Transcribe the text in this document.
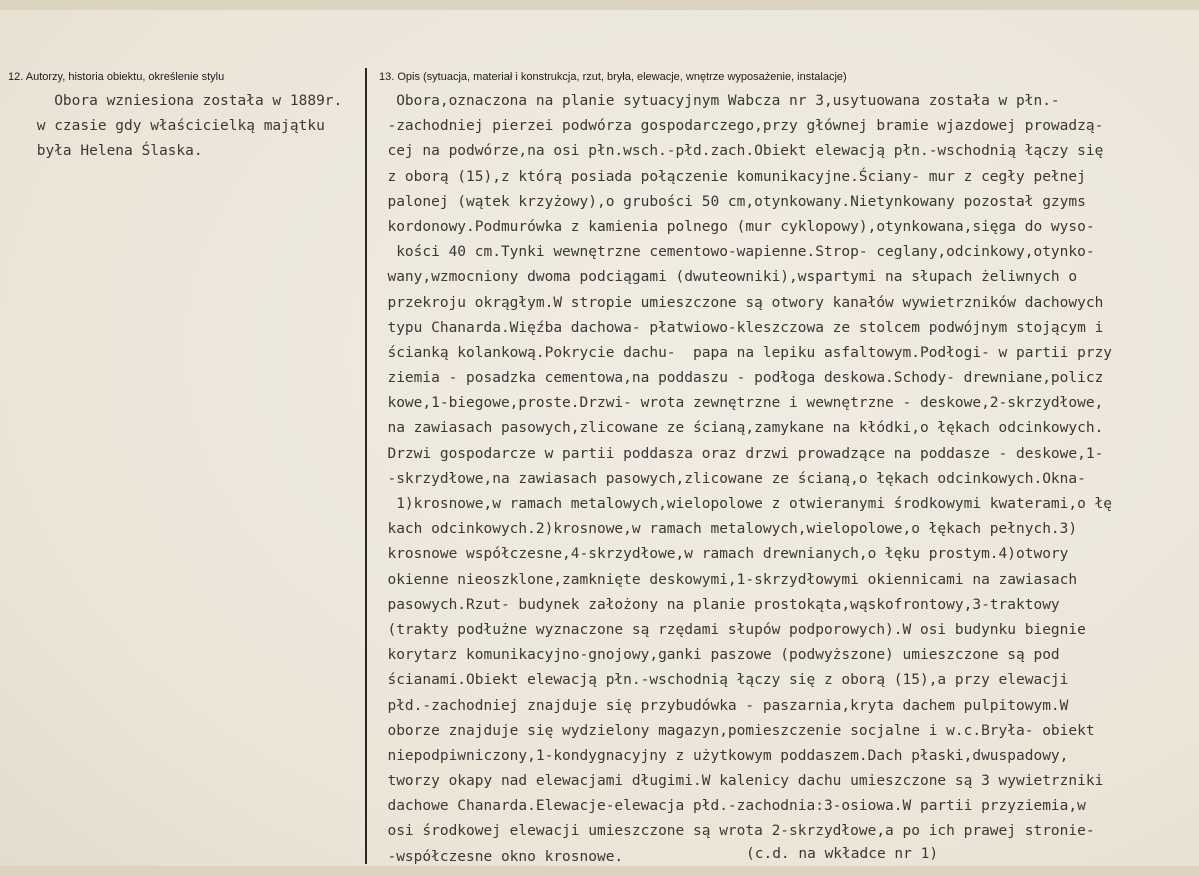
12. Autorzy, historia obiektu, określenie stylu	13. Opis (sytuacja, materiał i konstrukcja, rzut, bryła, elewacje, wnętrze wyposażenie, instalacje)
Obora wzniesiona została w 1889r.
w czasie gdy właścicielką majątku
była Helena Ślaska.
Obora,oznaczona na planie sytuacyjnym Wabcza nr 3,usytuowana została w płn.-
-zachodniej pierzei podwórza gospodarczego,przy głównej bramie wjazdowej prowadzą-
cej na podwórze,na osi płn.wsch.-płd.zach.Obiekt elewacją płn.-wschodnią łączy się
z oborą (15),z którą posiada połączenie komunikacyjne.Ściany- mur z cegły pełnej
palonej (wątek krzyżowy),o grubości 50 cm,otynkowany.Nietynkowany pozostał gzyms
kordonowy.Podmurówka z kamienia polnego (mur cyklopowy),otynkowana,sięga do wyso-
kości 40 cm.Tynki wewnętrzne cementowo-wapienne.Strop- ceglany,odcinkowy,otynko-
wany,wzmocniony dwoma podciągami (dwuteowniki),wspartymi na słupach żeliwnych o
przekroju okrągłym.W stropie umieszczone są otwory kanałów wywietrzników dachowych
typu Chanarda.Więźba dachowa- płatwiowo-kleszczowa ze stolcem podwójnym stojącym i
ścianką kolankową.Pokrycie dachu-  papa na lepiku asfaltowym.Podłogi- w partii przy
ziemia - posadzka cementowa,na poddaszu - podłoga deskowa.Schody- drewniane,policz
kowe,1-biegowe,proste.Drzwi- wrota zewnętrzne i wewnętrzne - deskowe,2-skrzydłowe,
na zawiasach pasowych,zlicowane ze ścianą,zamykane na kłódki,o łękach odcinkowych.
Drzwi gospodarcze w partii poddasza oraz drzwi prowadzące na poddasze - deskowe,1-
-skrzydłowe,na zawiasach pasowych,zlicowane ze ścianą,o łękach odcinkowych.Okna-
1)krosnowe,w ramach metalowych,wielopolowe z otwieranymi środkowymi kwaterami,o łę
kach odcinkowych.2)krosnowe,w ramach metalowych,wielopolowe,o łękach pełnych.3)
krosnowe współczesne,4-skrzydłowe,w ramach drewnianych,o łęku prostym.4)otwory
okienne nieoszklone,zamknięte deskowymi,1-skrzydłowymi okiennicami na zawiasach
pasowych.Rzut- budynek założony na planie prostokąta,wąskofrontowy,3-traktowy
(trakty podłużne wyznaczone są rzędami słupów podporowych).W osi budynku biegnie
korytarz komunikacyjno-gnojowy,ganki paszowe (podwyższone) umieszczone są pod
ścianami.Obiekt elewacją płn.-wschodnią łączy się z oborą (15),a przy elewacji
płd.-zachodniej znajduje się przybudówka - paszarnia,kryta dachem pulpitowym.W
oborze znajduje się wydzielony magazyn,pomieszczenie socjalne i w.c.Bryła- obiekt
niepodpiwniczony,1-kondygnacyjny z użytkowym poddaszem.Dach płaski,dwuspadowy,
tworzy okapy nad elewacjami długimi.W kalenicy dachu umieszczone są 3 wywietrzniki
dachowe Chanarda.Elewacje-elewacja płd.-zachodnia:3-osiowa.W partii przyziemia,w
osi środkowej elewacji umieszczone są wrota 2-skrzydłowe,a po ich prawej stronie-
-współczesne okno krosnowe.	(c.d. na wkładce nr 1)
